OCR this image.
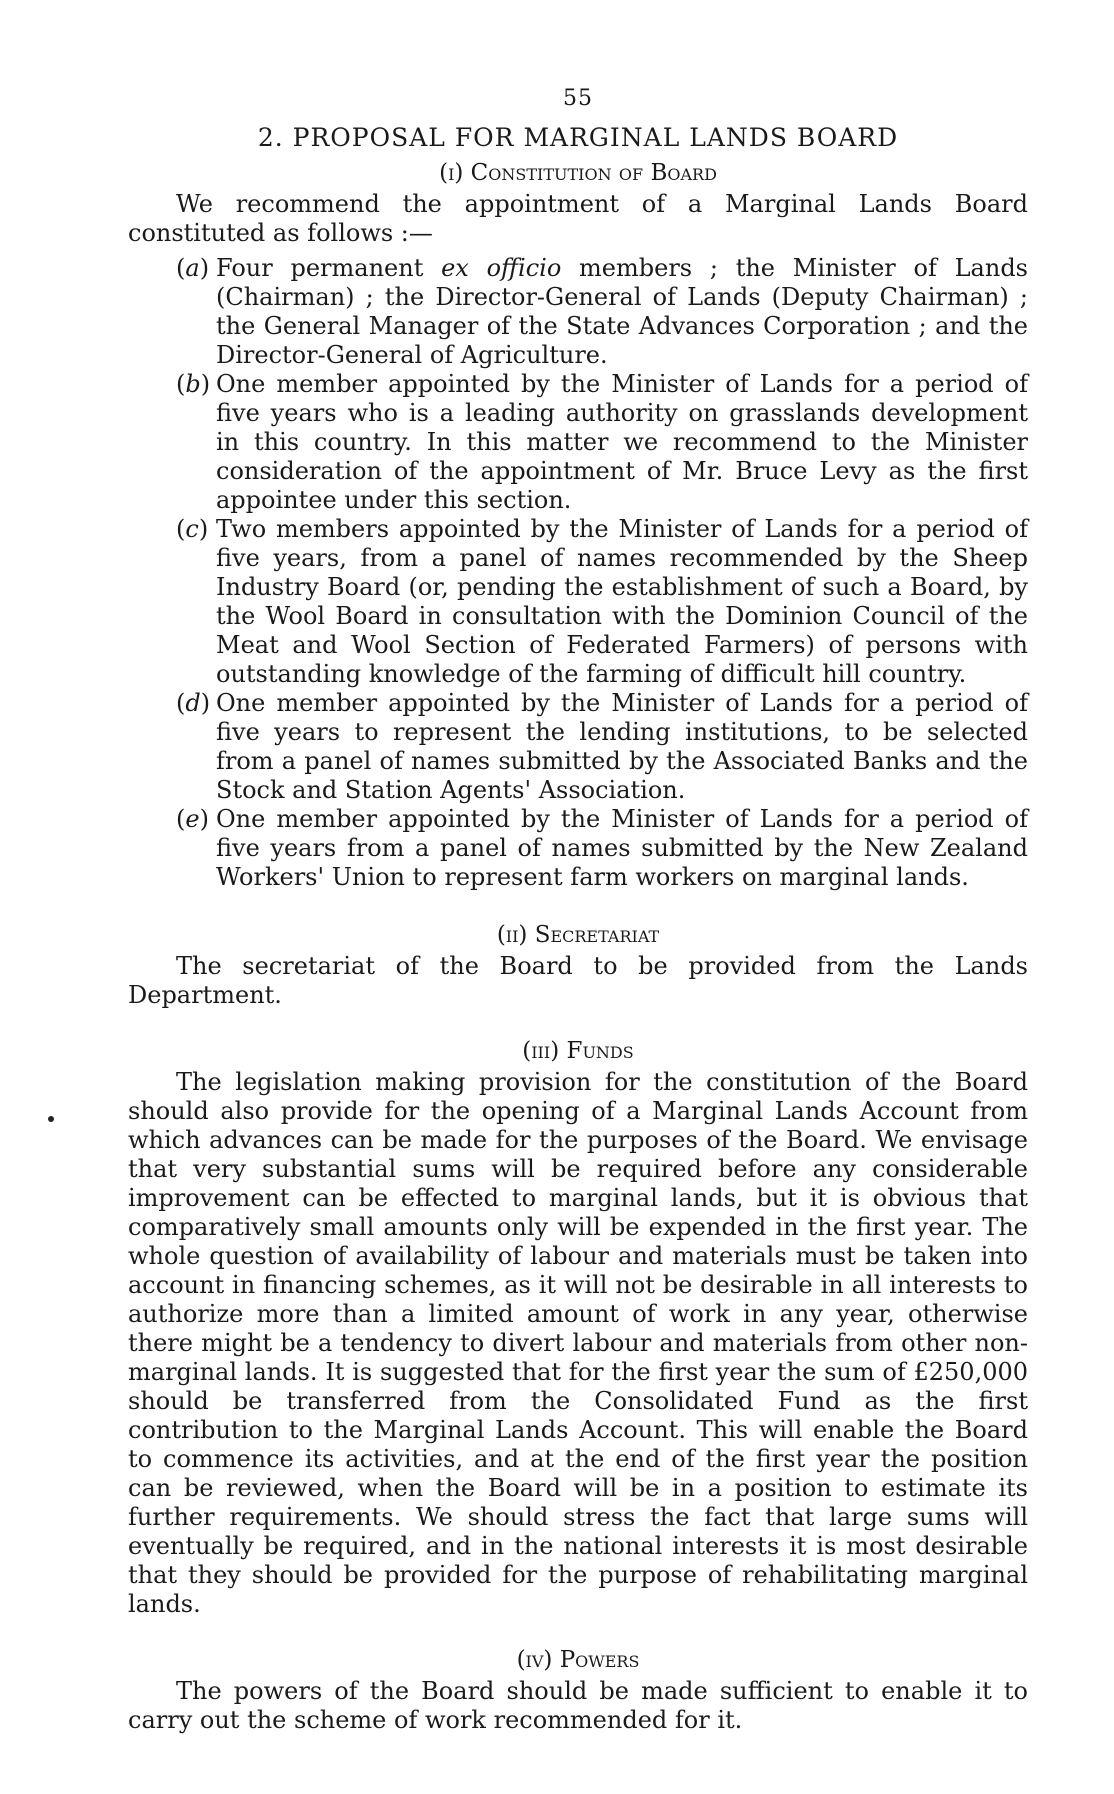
55
2. PROPOSAL FOR MARGINAL LANDS BOARD
(i) Constitution of Board

We recommend the appointment of a Marginal Lands Board constituted as follows :—

( a ) Four permanent ex officio members ; the Minister of Lands (Chairman) ; the Director-General of Lands (Deputy Chairman) ; the General Manager of the State Advances Corporation ; and the Director-General of Agriculture.
( b ) One member appointed by the Minister of Lands for a period of five years who is a leading authority on grasslands development in this country. In this matter we recommend to the Minister consideration of the appointment of Mr. Bruce Levy as the first appointee under this section.
( c ) Two members appointed by the Minister of Lands for a period of five years, from a panel of names recommended by the Sheep Industry Board (or, pending the establishment of such a Board, by the Wool Board in consultation with the Dominion Council of the Meat and Wool Section of Federated Farmers) of persons with outstanding knowledge of the farming of difficult hill country.
( d ) One member appointed by the Minister of Lands for a period of five years to represent the lending institutions, to be selected from a panel of names submitted by the Associated Banks and the Stock and Station Agents' Association.
( e ) One member appointed by the Minister of Lands for a period of five years from a panel of names submitted by the New Zealand Workers' Union to represent farm workers on marginal lands.
(ii) Secretariat

The secretariat of the Board to be provided from the Lands Department.

(iii) Funds

The legislation making provision for the constitution of the Board should also provide for the opening of a Marginal Lands Account from which advances can be made for the purposes of the Board. We envisage that very substantial sums will be required before any considerable improvement can be effected to marginal lands, but it is obvious that comparatively small amounts only will be expended in the first year. The whole question of availability of labour and materials must be taken into account in financing schemes, as it will not be desirable in all interests to authorize more than a limited amount of work in any year, otherwise there might be a tendency to divert labour and materials from other non-marginal lands. It is suggested that for the first year the sum of £250,000 should be transferred from the Consolidated Fund as the first contribution to the Marginal Lands Account. This will enable the Board to commence its activities, and at the end of the first year the position can be reviewed, when the Board will be in a position to estimate its further requirements. We should stress the fact that large sums will eventually be required, and in the national interests it is most desirable that they should be provided for the purpose of rehabilitating marginal lands.

(iv) Powers

The powers of the Board should be made sufficient to enable it to carry out the scheme of work recommended for it.
